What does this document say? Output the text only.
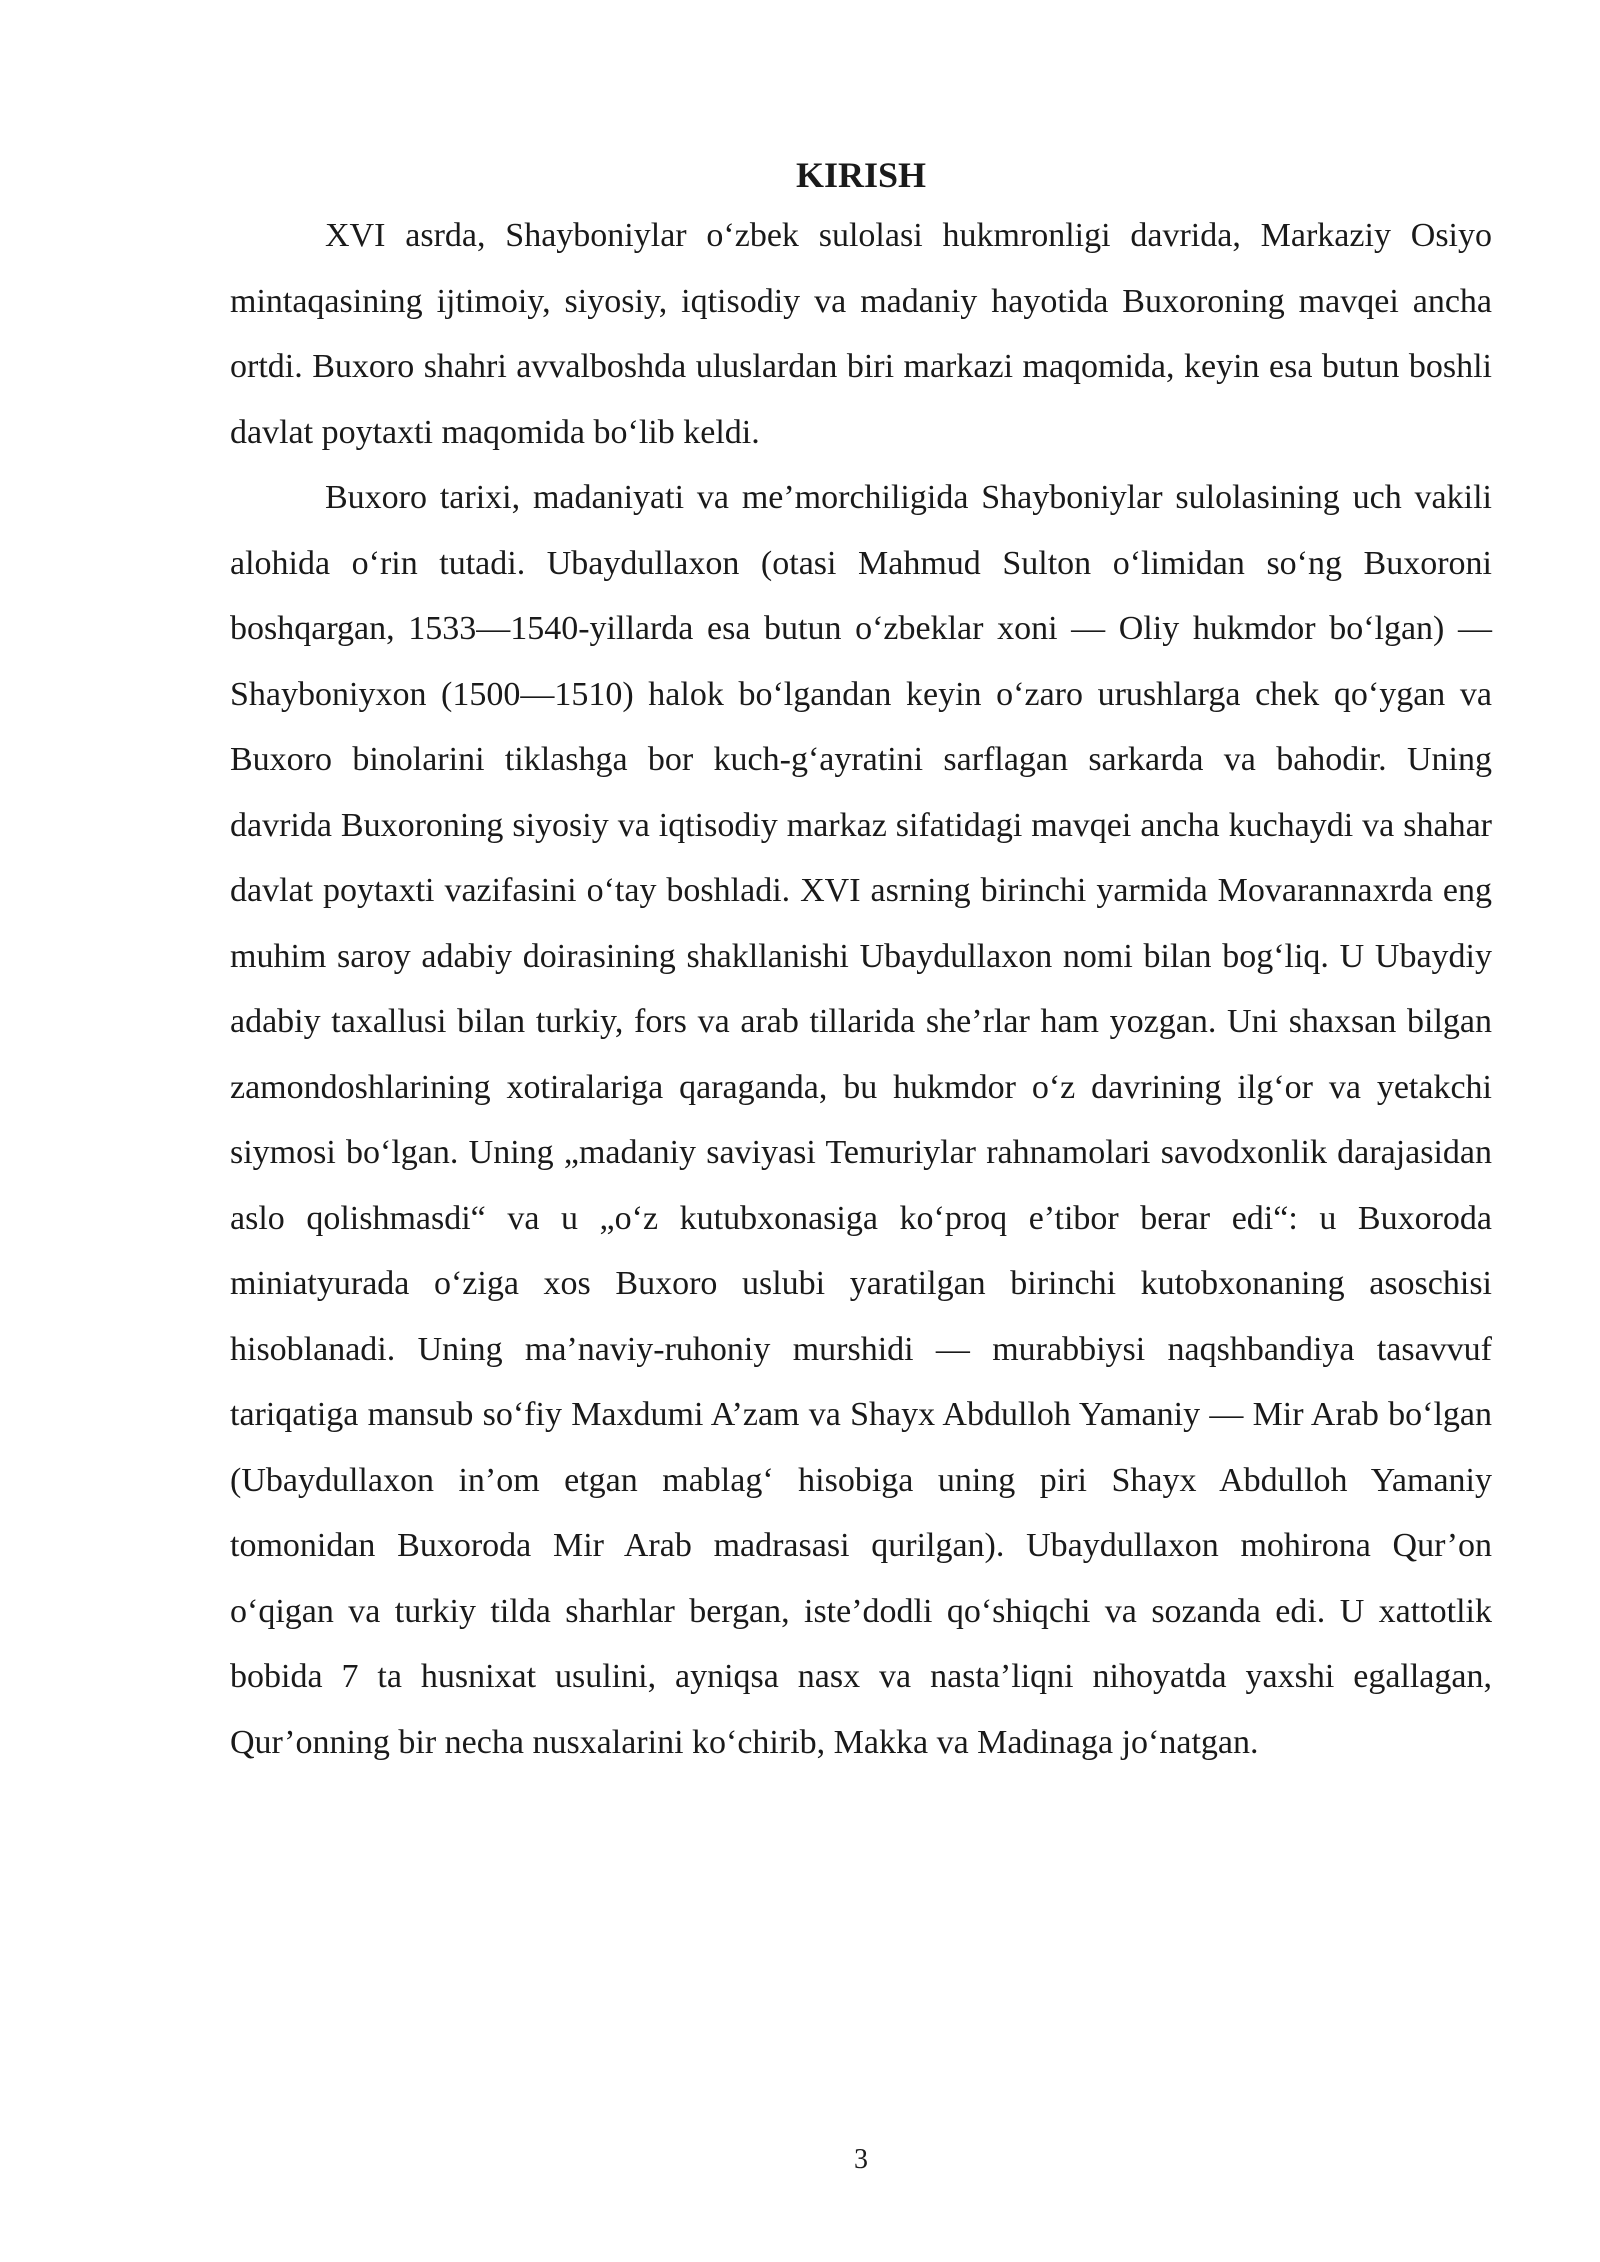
KIRISH

XVI asrda, Shayboniylar o‘zbek sulolasi hukmronligi davrida, Markaziy Osiyo mintaqasining ijtimoiy, siyosiy, iqtisodiy va madaniy hayotida Buxoroning mavqei ancha ortdi. Buxoro shahri avvalboshda uluslardan biri markazi maqomida, keyin esa butun boshli davlat poytaxti maqomida bo‘lib keldi.

Buxoro tarixi, madaniyati va me’morchiligida Shayboniylar sulolasining uch vakili alohida o‘rin tutadi. Ubaydullaxon (otasi Mahmud Sulton o‘limidan so‘ng Buxoroni boshqargan, 1533—1540-yillarda esa butun o‘zbeklar xoni — Oliy hukmdor bo‘lgan) — Shayboniyxon (1500—1510) halok bo‘lgandan keyin o‘zaro urushlarga chek qo‘ygan va Buxoro binolarini tiklashga bor kuch-g‘ayratini sarflagan sarkarda va bahodir. Uning davrida Buxoroning siyosiy va iqtisodiy markaz sifatidagi mavqei ancha kuchaydi va shahar davlat poytaxti vazifasini o‘tay boshladi. XVI asrning birinchi yarmida Movarannaxrda eng muhim saroy adabiy doirasining shakllanishi Ubaydullaxon nomi bilan bog‘liq. U Ubaydiy adabiy taxallusi bilan turkiy, fors va arab tillarida she’rlar ham yozgan. Uni shaxsan bilgan zamondoshlarining xotiralariga qaraganda, bu hukmdor o‘z davrining ilg‘or va yetakchi siymosi bo‘lgan. Uning „madaniy saviyasi Temuriylar rahnamolari savodxonlik darajasidan aslo qolishmasdi“ va u „o‘z kutubxonasiga ko‘proq e’tibor berar edi“: u Buxoroda miniatyurada o‘ziga xos Buxoro uslubi yaratilgan birinchi kutobxonaning asoschisi hisoblanadi. Uning ma’naviy-ruhoniy murshidi — murabbiysi naqshbandiya tasavvuf tariqatiga mansub so‘fiy Maxdumi A’zam va Shayx Abdulloh Yamaniy — Mir Arab bo‘lgan (Ubaydullaxon in’om etgan mablag‘ hisobiga uning piri Shayx Abdulloh Yamaniy tomonidan Buxoroda Mir Arab madrasasi qurilgan). Ubaydullaxon mohirona Qur’on o‘qigan va turkiy tilda sharhlar bergan, iste’dodli qo‘shiqchi va sozanda edi. U xattotlik bobida 7 ta husnixat usulini, ayniqsa nasx va nasta’liqni nihoyatda yaxshi egallagan, Qur’onning bir necha nusxalarini ko‘chirib, Makka va Madinaga jo‘natgan.

3
